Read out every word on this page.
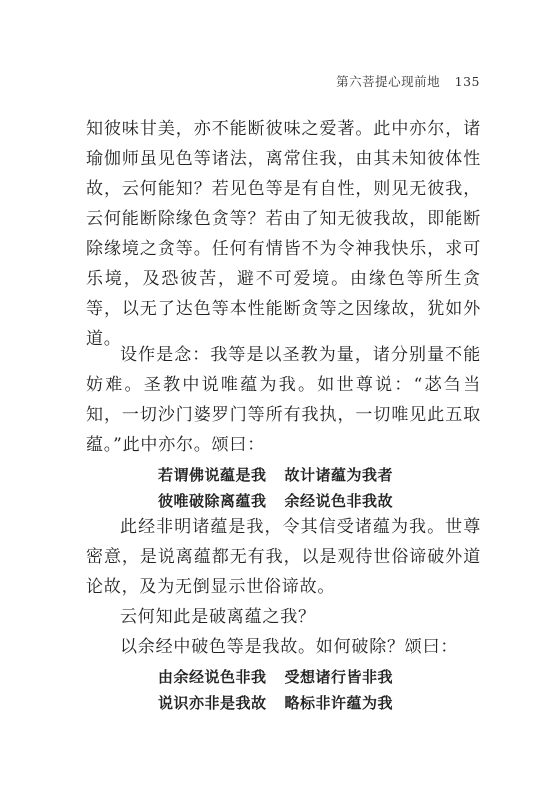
第六菩提心现前地 135

知彼味甘美，亦不能断彼味之爱著。此中亦尔，诸瑜伽师虽见色等诸法，离常住我，由其未知彼体性故，云何能知？若见色等是有自性，则见无彼我，云何能断除缘色贪等？若由了知无彼我故，即能断除缘境之贪等。任何有情皆不为令神我快乐，求可乐境，及恐彼苦，避不可爱境。由缘色等所生贪等，以无了达色等本性能断贪等之因缘故，犹如外道。

设作是念：我等是以圣教为量，诸分别量不能妨难。圣教中说唯蕴为我。如世尊说：“苾刍当知，一切沙门婆罗门等所有我执，一切唯见此五取蕴。”此中亦尔。颂曰：

若谓佛说蕴是我 故计诸蕴为我者

彼唯破除离蕴我 余经说色非我故

此经非明诸蕴是我，令其信受诸蕴为我。世尊密意，是说离蕴都无有我，以是观待世俗谛破外道论故，及为无倒显示世俗谛故。

云何知此是破离蕴之我？

以余经中破色等是我故。如何破除？颂曰：

由余经说色非我 受想诸行皆非我

说识亦非是我故 略标非许蕴为我
